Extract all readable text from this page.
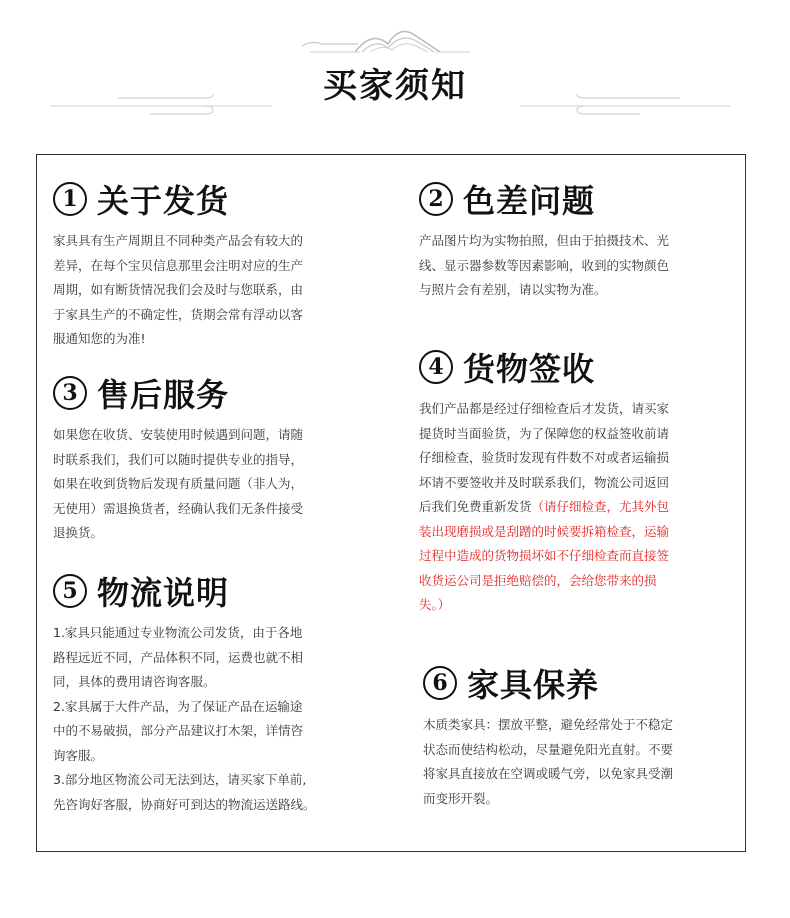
买家须知
1 关于发货
家具具有生产周期且不同种类产品会有较大的
差异，在每个宝贝信息那里会注明对应的生产
周期，如有断货情况我们会及时与您联系，由
于家具生产的不确定性，货期会常有浮动以客
服通知您的为准!
2 色差问题
产品图片均为实物拍照，但由于拍摄技术、光
线、显示器参数等因素影响，收到的实物颜色
与照片会有差别，请以实物为准。
3 售后服务
如果您在收货、安装使用时候遇到问题，请随
时联系我们，我们可以随时提供专业的指导，
如果在收到货物后发现有质量问题（非人为，
无使用）需退换货者，经确认我们无条件接受
退换货。
4 货物签收
我们产品都是经过仔细检查后才发货，请买家
提货时当面验货，为了保障您的权益签收前请
仔细检查，验货时发现有件数不对或者运输损
坏请不要签收并及时联系我们，物流公司返回
后我们免费重新发货（请仔细检查，尤其外包
装出现磨损或是刮蹭的时候要拆箱检查，运输
过程中造成的货物损坏如不仔细检查而直接签
收货运公司是拒绝赔偿的，会给您带来的损
失。）
5 物流说明
1.家具只能通过专业物流公司发货，由于各地
路程远近不同，产品体积不同，运费也就不相
同，具体的费用请咨询客服。
2.家具属于大件产品，为了保证产品在运输途
中的不易破损，部分产品建议打木架，详情咨
询客服。
3.部分地区物流公司无法到达，请买家下单前,
先咨询好客服，协商好可到达的物流运送路线。
6 家具保养
木质类家具：摆放平整，避免经常处于不稳定
状态而使结构松动，尽量避免阳光直射。不要
将家具直接放在空调或暖气旁，以免家具受潮
而变形开裂。
